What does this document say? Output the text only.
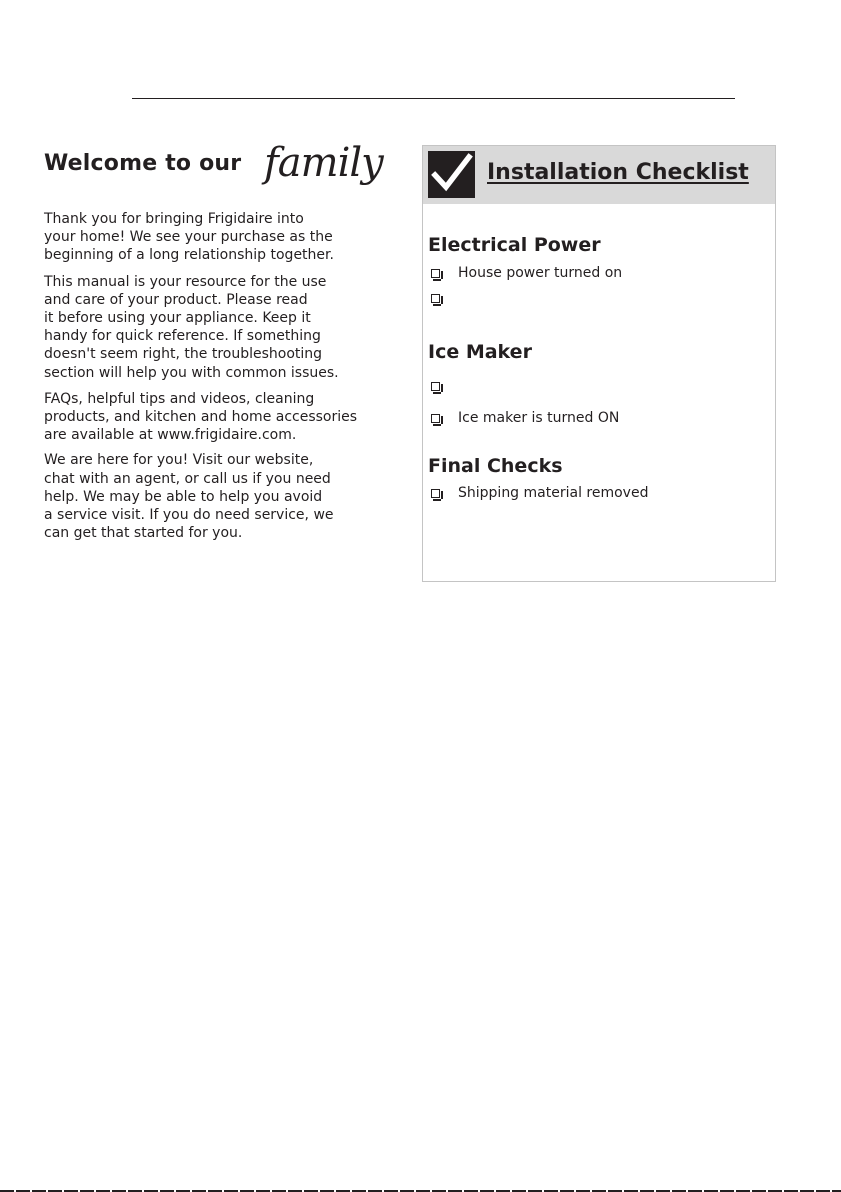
Welcome to our family

Thank you for bringing Frigidaire into
your home! We see your purchase as the
beginning of a long relationship together.

This manual is your resource for the use
and care of your product. Please read
it before using your appliance. Keep it
handy for quick reference. If something
doesn't seem right, the troubleshooting
section will help you with common issues.

FAQs, helpful tips and videos, cleaning
products, and kitchen and home accessories
are available at www.frigidaire.com.

We are here for you! Visit our website,
chat with an agent, or call us if you need
help. We may be able to help you avoid
a service visit. If you do need service, we
can get that started for you.

Installation Checklist
Electrical Power
House power turned on
Ice Maker
Ice maker is turned ON
Final Checks
Shipping material removed
